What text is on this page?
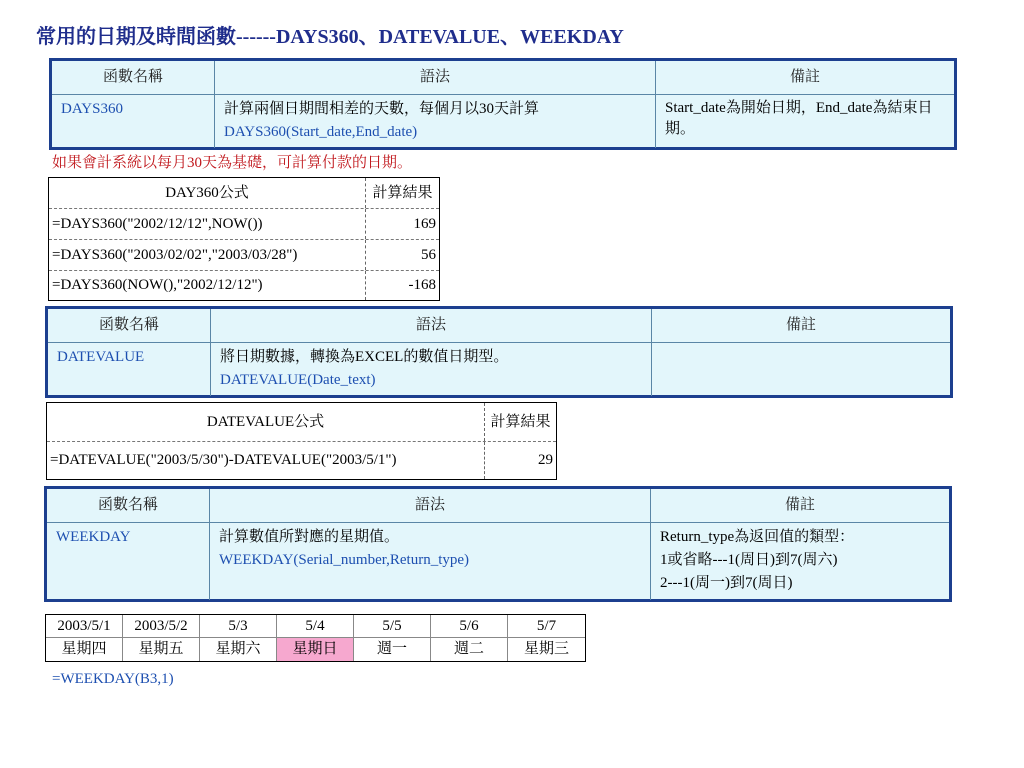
常用的日期及時間函數------DAYS360、DATEVALUE、WEEKDAY
函數名稱	語法	備註
DAYS360	計算兩個日期間相差的天數，每個月以30天計算
DAYS360(Start_date,End_date)
Start_date為開始日期，End_date為結束日期。
如果會計系統以每月30天為基礎，可計算付款的日期。
DAY360公式	計算結果
=DAYS360("2002/12/12",NOW())	169
=DAYS360("2003/02/02","2003/03/28")	56
=DAYS360(NOW(),"2002/12/12")	-168
函數名稱	語法	備註
DATEVALUE	將日期數據，轉換為EXCEL的數值日期型。
DATEVALUE(Date_text)
DATEVALUE公式	計算結果
=DATEVALUE("2003/5/30")-DATEVALUE("2003/5/1")	29
函數名稱	語法	備註
WEEKDAY	計算數值所對應的星期值。
WEEKDAY(Serial_number,Return_type)
Return_type為返回值的類型：
1或省略---1(周日)到7(周六)
2---1(周一)到7(周日)
2003/5/1	2003/5/2	5/3	5/4	5/5	5/6	5/7
星期四	星期五	星期六	星期日	週一	週二	星期三
=WEEKDAY(B3,1)
